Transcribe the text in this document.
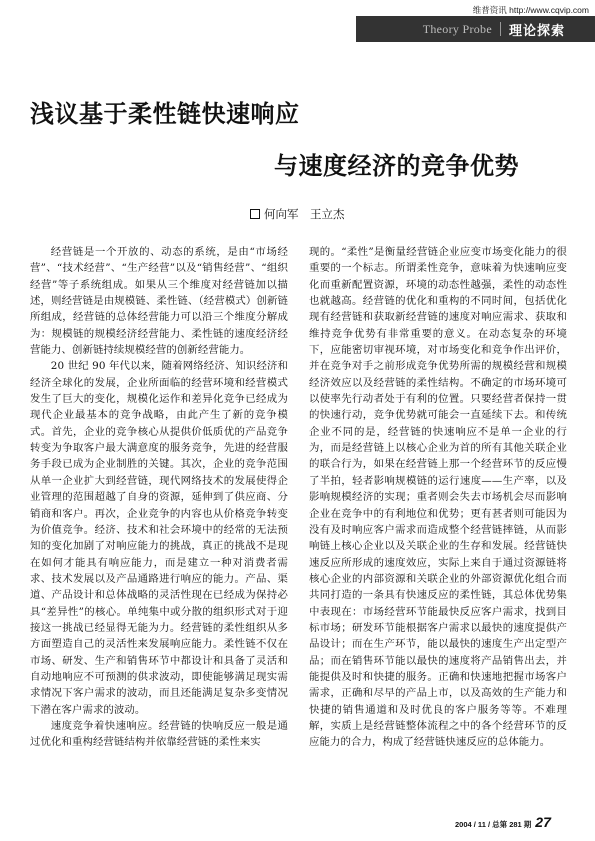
维普资讯 http://www.cqvip.com
Theory Probe 理论探索
浅议基于柔性链快速响应
与速度经济的竞争优势
何向军　王立杰

经营链是一个开放的、动态的系统，是由“市场经营”、“技术经营”、“生产经营”以及“销售经营”、“组织经营”等子系统组成。如果从三个维度对经营链加以描述，则经营链是由规模链、柔性链、（经营模式）创新链所组成，经营链的总体经营能力可以沿三个维度分解成为：规模链的规模经济经营能力、柔性链的速度经济经营能力、创新链持续规模经营的创新经营能力。

20 世纪 90 年代以来，随着网络经济、知识经济和经济全球化的发展，企业所面临的经营环境和经营模式发生了巨大的变化，规模化运作和差异化竞争已经成为现代企业最基本的竞争战略，由此产生了新的竞争模式。首先，企业的竞争核心从提供价低质优的产品竞争转变为争取客户最大满意度的服务竞争，先进的经营服务手段已成为企业制胜的关键。其次，企业的竞争范围从单一企业扩大到经营链，现代网络技术的发展使得企业管理的范围超越了自身的资源，延伸到了供应商、分销商和客户。再次，企业竞争的内容也从价格竞争转变为价值竞争。经济、技术和社会环境中的经常的无法预知的变化加剧了对响应能力的挑战，真正的挑战不是现在如何才能具有响应能力，而是建立一种对消费者需求、技术发展以及产品通路进行响应的能力。产品、渠道、产品设计和总体战略的灵活性现在已经成为保持必具“差异性”的核心。单纯集中或分散的组织形式对于迎接这一挑战已经显得无能为力。经营链的柔性组织从多方面塑造自己的灵活性来发展响应能力。柔性链不仅在市场、研发、生产和销售环节中都设计和具备了灵活和自动地响应不可预测的供求波动，即使能够满足现实需求情况下客户需求的波动，而且还能满足复杂多变情况下潜在客户需求的波动。

速度竞争着快速响应。经营链的快响反应一般是通过优化和重构经营链结构并依靠经营链的柔性来实

现的。“柔性”是衡量经营链企业应变市场变化能力的很重要的一个标志。所谓柔性竞争，意味着为快速响应变化而重新配置资源，环境的动态性越强，柔性的动态性也就越高。经营链的优化和重构的不同时间，包括优化现有经营链和获取新经营链的速度对响应需求、获取和维持竞争优势有非常重要的意义。在动态复杂的环境下，应能密切审视环境，对市场变化和竞争作出评价，并在竞争对手之前形成竞争优势所需的规模经营和规模经济效应以及经营链的柔性结构。不确定的市场环境可以使率先行动者处于有利的位置。只要经营者保持一贯的快速行动，竞争优势就可能会一直延续下去。和传统企业不同的是，经营链的快速响应不是单一企业的行为，而是经营链上以核心企业为首的所有其他关联企业的联合行为，如果在经营链上那一个经营环节的反应慢了半拍，轻者影响规模链的运行速度——生产率，以及影响规模经济的实现；重者则会失去市场机会尽而影响企业在竞争中的有利地位和优势；更有甚者则可能因为没有及时响应客户需求而造成整个经营链摔链，从而影响链上核心企业以及关联企业的生存和发展。经营链快速反应所形成的速度效应，实际上来自于通过资源链将核心企业的内部资源和关联企业的外部资源优化组合而共同打造的一条具有快速反应的柔性链，其总体优势集中表现在：市场经营环节能最快反应客户需求，找到目标市场；研发环节能根据客户需求以最快的速度提供产品设计；而在生产环节，能以最快的速度生产出定型产品；而在销售环节能以最快的速度将产品销售出去，并能提供及时和快捷的服务。正确和快速地把握市场客户需求，正确和尽早的产品上市，以及高效的生产能力和快捷的销售通道和及时优良的客户服务等等。不难理解，实质上是经营链整体流程之中的各个经营环节的反应能力的合力，构成了经营链快速反应的总体能力。

2004 / 11 / 总第 281 期 27
